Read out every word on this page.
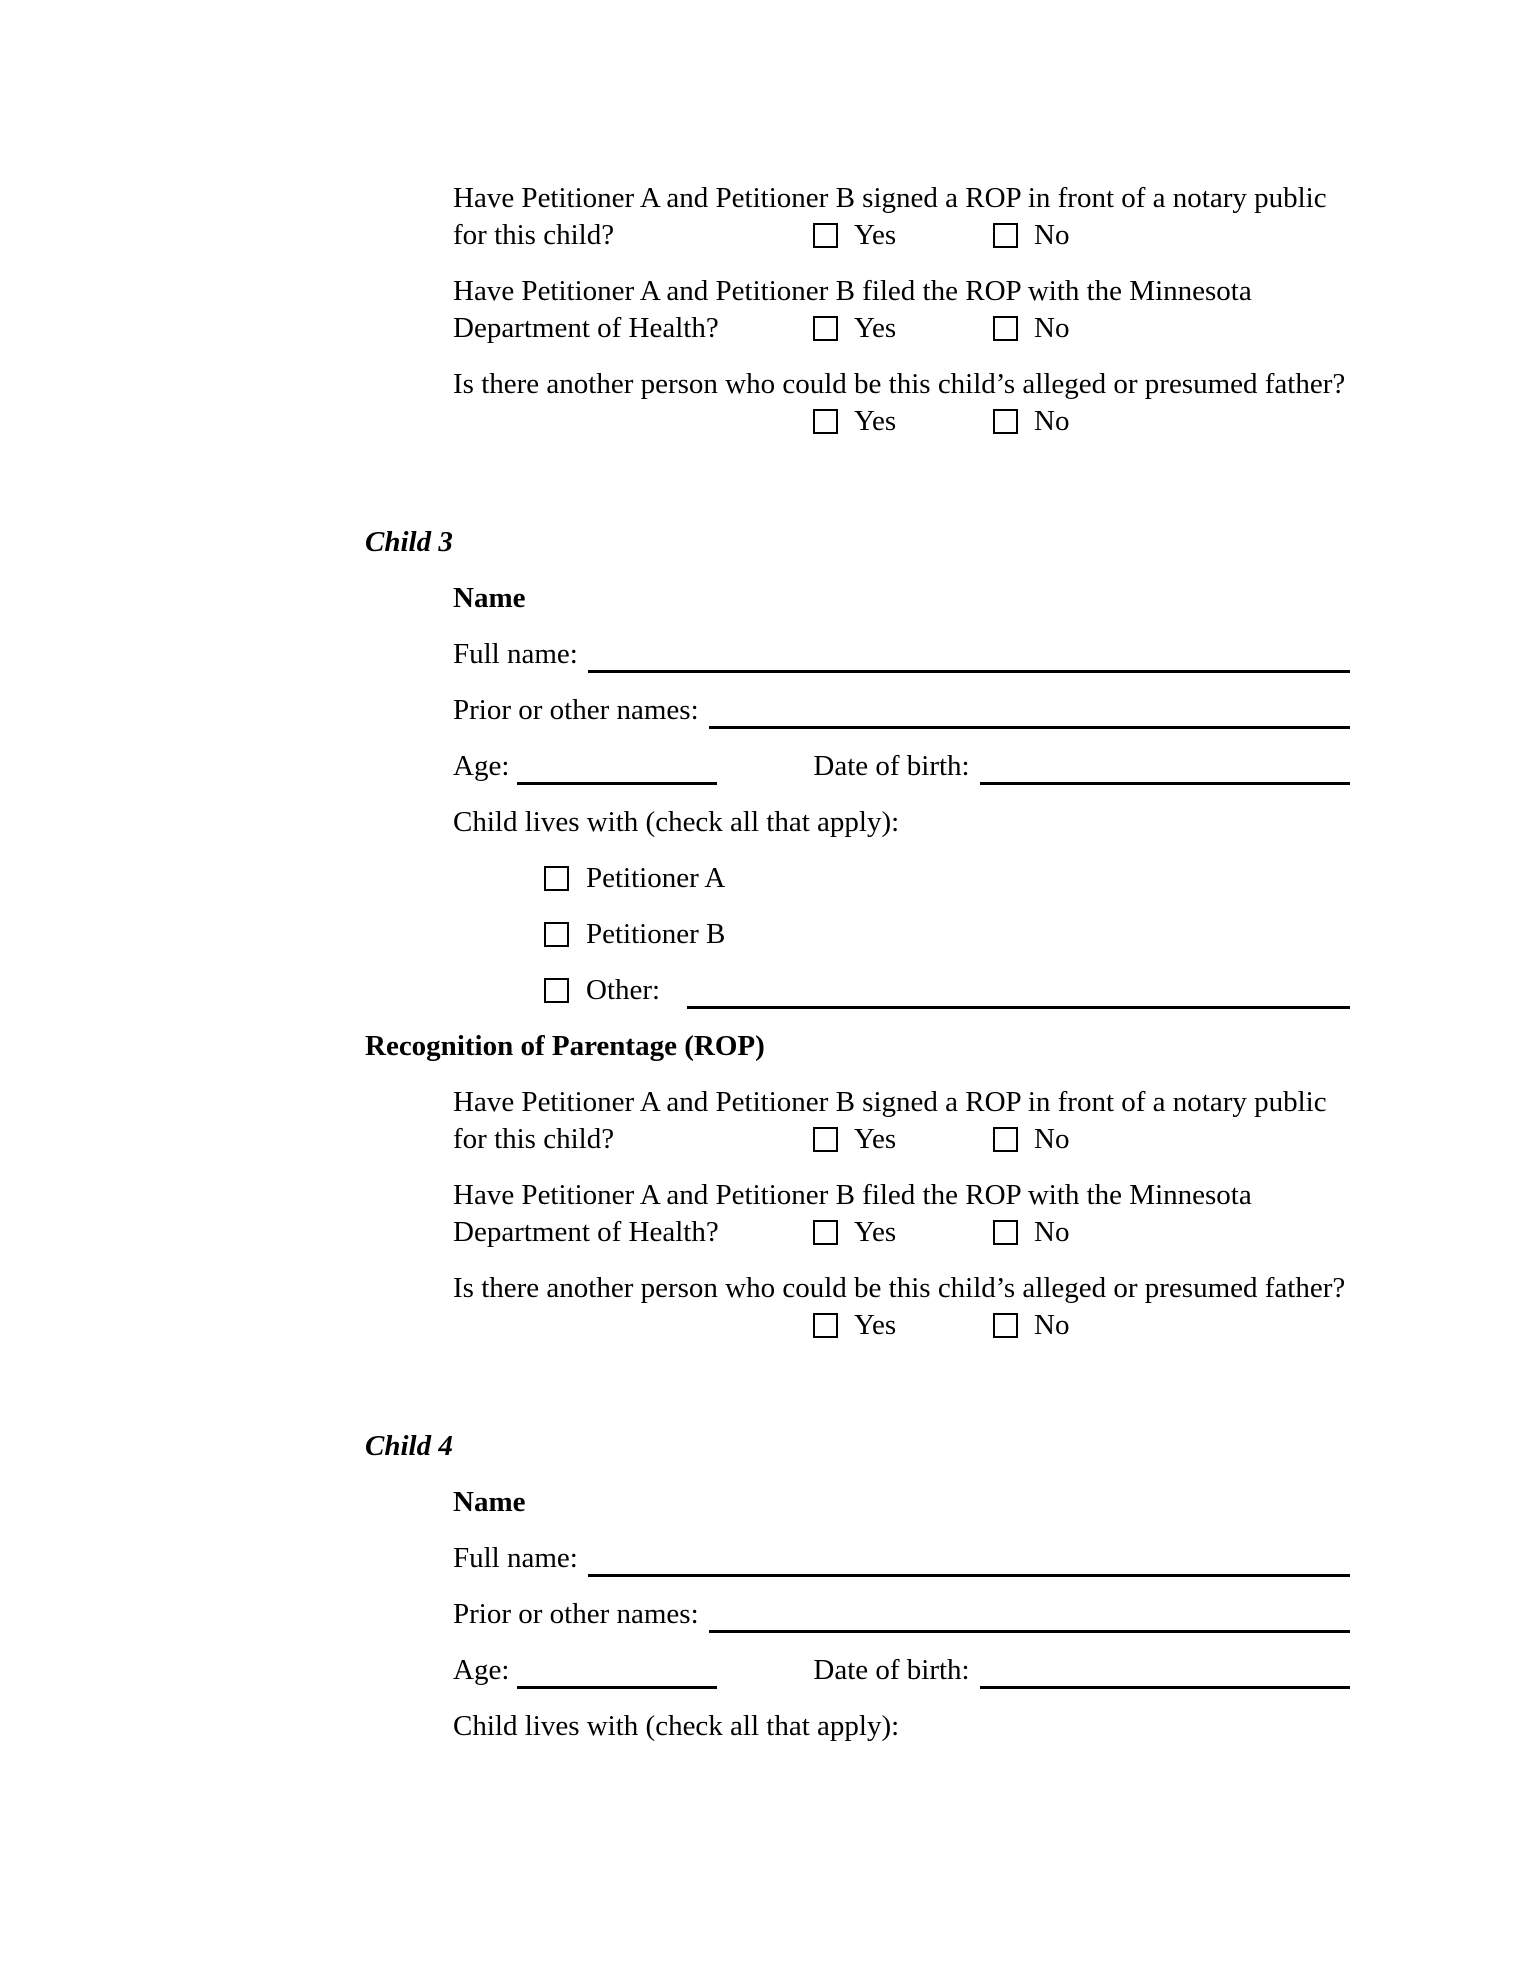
Have Petitioner A and Petitioner B signed a ROP in front of a notary public
for this child?	Yes	No
Have Petitioner A and Petitioner B filed the ROP with the Minnesota
Department of Health?	Yes	No
Is there another person who could be this child’s alleged or presumed father?
Yes	No
Child 3
Name
Full name:
Prior or other names:
Age:	Date of birth:
Child lives with (check all that apply):
Petitioner A
Petitioner B
Other:
Recognition of Parentage (ROP)
Have Petitioner A and Petitioner B signed a ROP in front of a notary public
for this child?	Yes	No
Have Petitioner A and Petitioner B filed the ROP with the Minnesota
Department of Health?	Yes	No
Is there another person who could be this child’s alleged or presumed father?
Yes	No
Child 4
Name
Full name:
Prior or other names:
Age:	Date of birth:
Child lives with (check all that apply):
